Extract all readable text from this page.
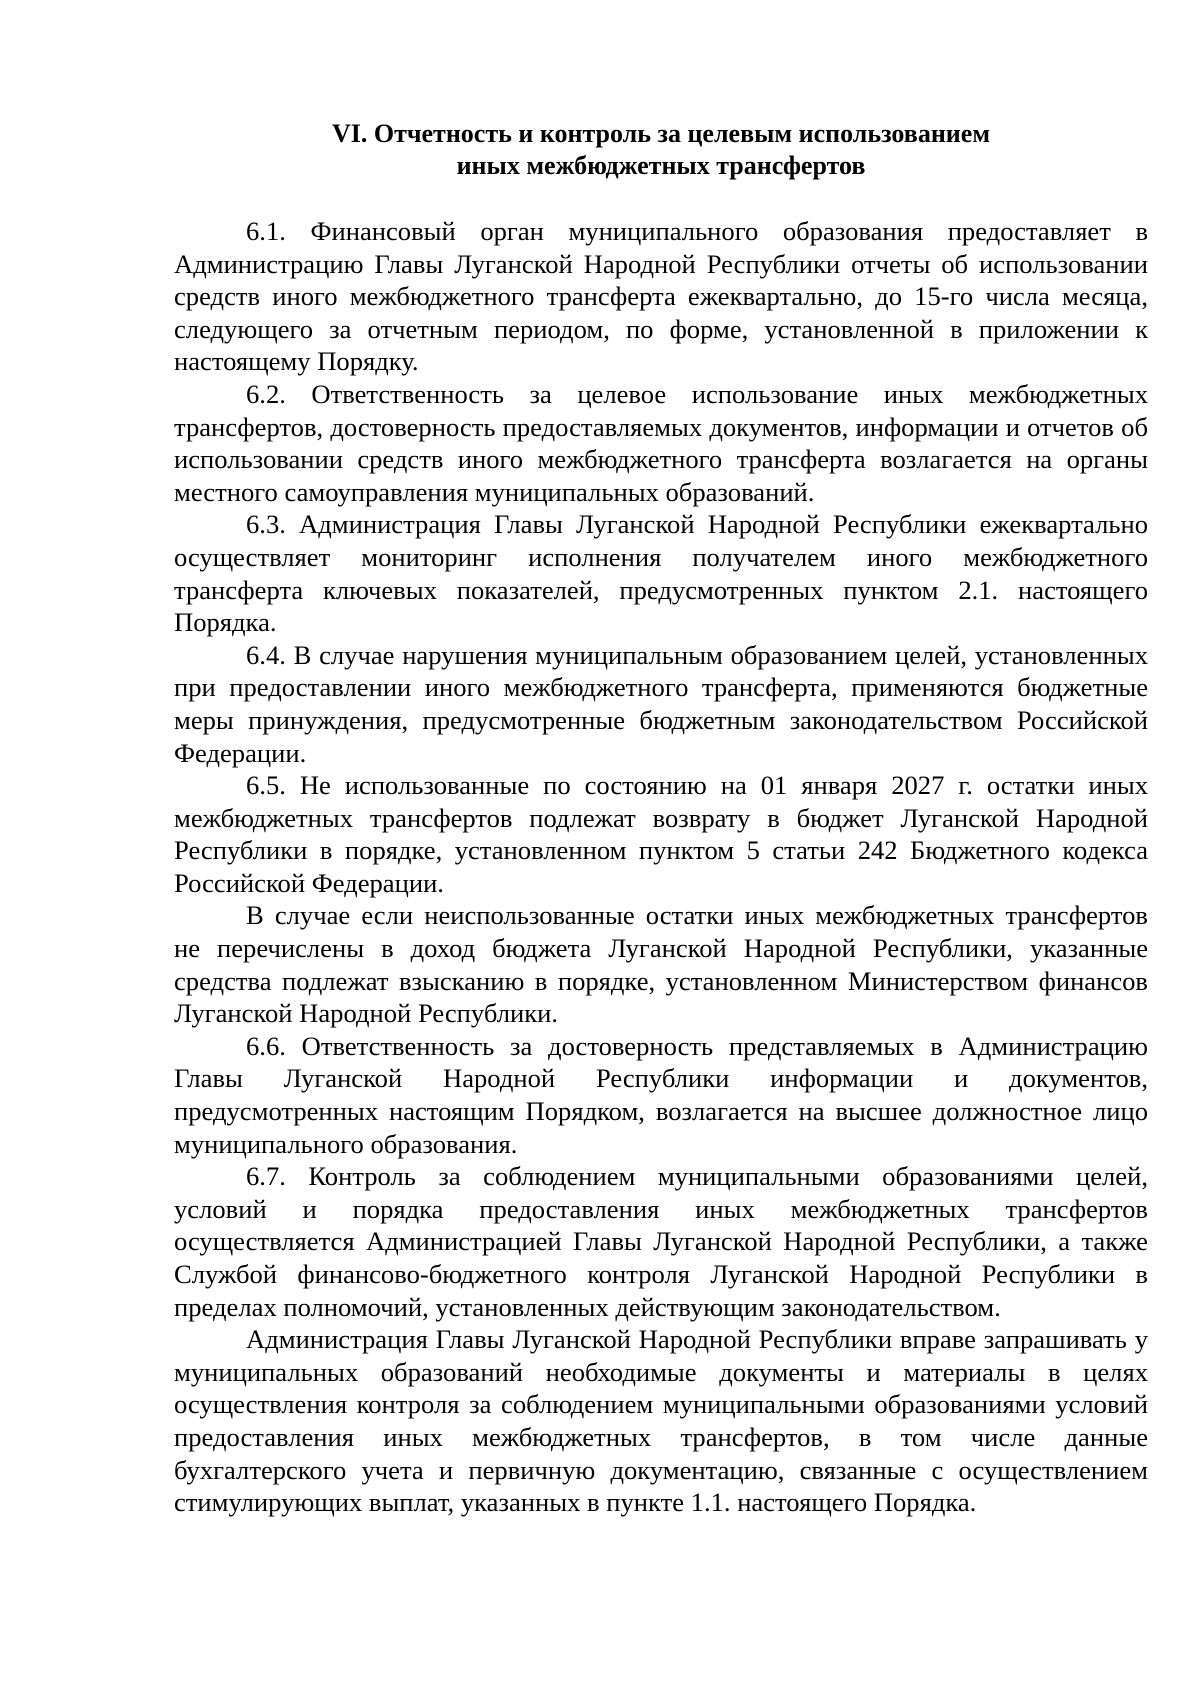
VI. Отчетность и контроль за целевым использованием
иных межбюджетных трансфертов

6.1. Финансовый орган муниципального образования предоставляет в Администрацию Главы Луганской Народной Республики отчеты об использовании средств иного межбюджетного трансферта ежеквартально, до 15-го числа месяца, следующего за отчетным периодом, по форме, установленной в приложении к настоящему Порядку.

6.2. Ответственность за целевое использование иных межбюджетных трансфертов, достоверность предоставляемых документов, информации и отчетов об использовании средств иного межбюджетного трансферта возлагается на органы местного самоуправления муниципальных образований.

6.3. Администрация Главы Луганской Народной Республики ежеквартально осуществляет мониторинг исполнения получателем иного межбюджетного трансферта ключевых показателей, предусмотренных пунктом 2.1. настоящего Порядка.

6.4. В случае нарушения муниципальным образованием целей, установленных при предоставлении иного межбюджетного трансферта, применяются бюджетные меры принуждения, предусмотренные бюджетным законодательством Российской Федерации.

6.5. Не использованные по состоянию на 01 января 2027 г. остатки иных межбюджетных трансфертов подлежат возврату в бюджет Луганской Народной Республики в порядке, установленном пунктом 5 статьи 242 Бюджетного кодекса Российской Федерации.

В случае если неиспользованные остатки иных межбюджетных трансфертов не перечислены в доход бюджета Луганской Народной Республики, указанные средства подлежат взысканию в порядке, установленном Министерством финансов Луганской Народной Республики.

6.6. Ответственность за достоверность представляемых в Администрацию Главы Луганской Народной Республики информации и документов, предусмотренных настоящим Порядком, возлагается на высшее должностное лицо муниципального образования.

6.7. Контроль за соблюдением муниципальными образованиями целей, условий и порядка предоставления иных межбюджетных трансфертов осуществляется Администрацией Главы Луганской Народной Республики, а также Службой финансово-бюджетного контроля Луганской Народной Республики в пределах полномочий, установленных действующим законодательством.

Администрация Главы Луганской Народной Республики вправе запрашивать у муниципальных образований необходимые документы и материалы в целях осуществления контроля за соблюдением муниципальными образованиями условий предоставления иных межбюджетных трансфертов, в том числе данные бухгалтерского учета и первичную документацию, связанные с осуществлением стимулирующих выплат, указанных в пункте 1.1. настоящего Порядка.
